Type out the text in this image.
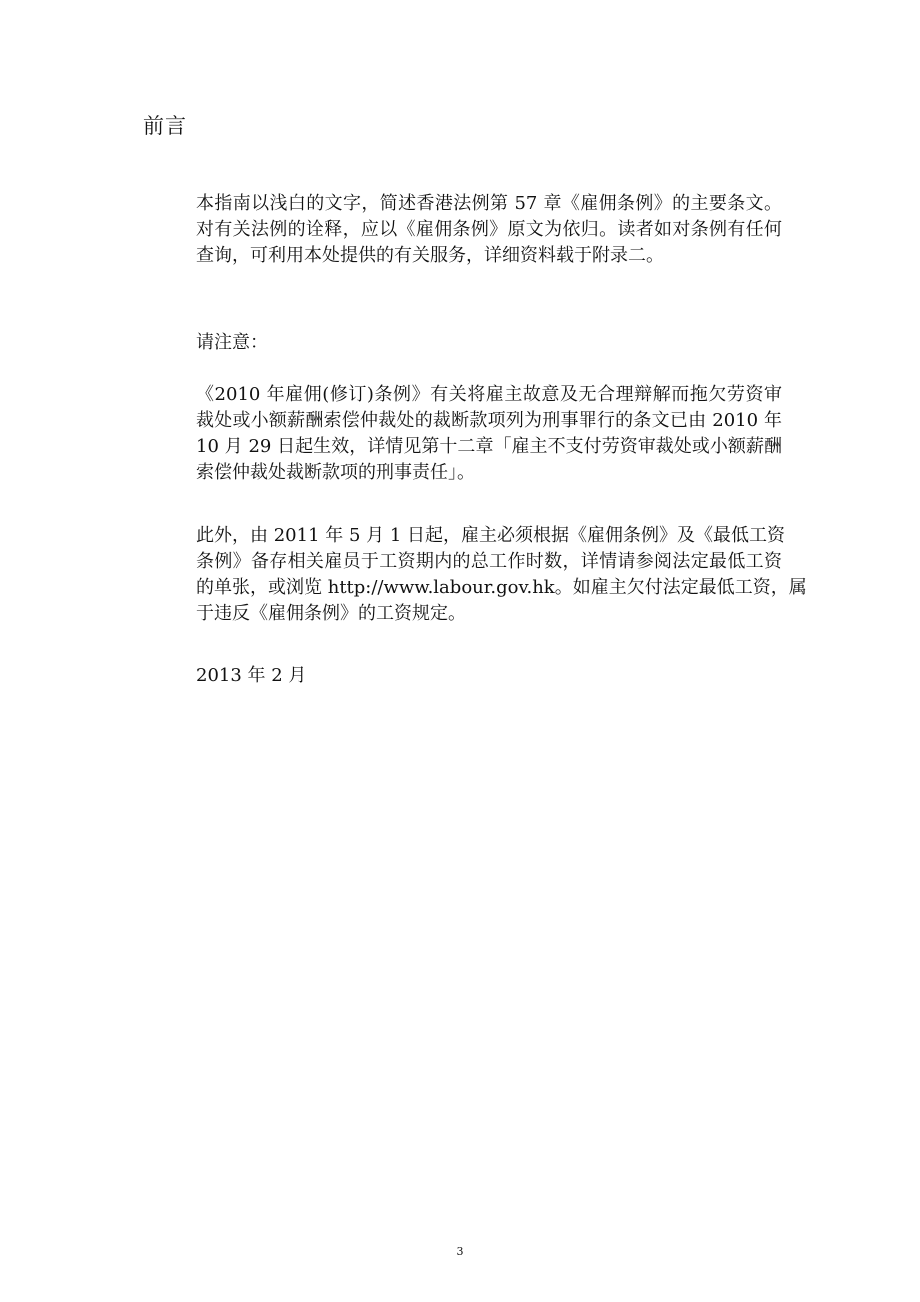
前言
本指南以浅白的文字，简述香港法例第 57 章《雇佣条例》的主要条文。
对有关法例的诠释，应以《雇佣条例》原文为依归。读者如对条例有任何
查询，可利用本处提供的有关服务，详细资料载于附录二。
请注意：
《2010 年雇佣(修订)条例》有关将雇主故意及无合理辩解而拖欠劳资审
裁处或小额薪酬索偿仲裁处的裁断款项列为刑事罪行的条文已由 2010 年
10 月 29 日起生效，详情见第十二章「雇主不支付劳资审裁处或小额薪酬
索偿仲裁处裁断款项的刑事责任」。
此外，由 2011 年 5 月 1 日起，雇主必须根据《雇佣条例》及《最低工资
条例》备存相关雇员于工资期内的总工作时数，详情请参阅法定最低工资
的单张，或浏览 http://www.labour.gov.hk。如雇主欠付法定最低工资，属
于违反《雇佣条例》的工资规定。
2013 年 2 月
3
